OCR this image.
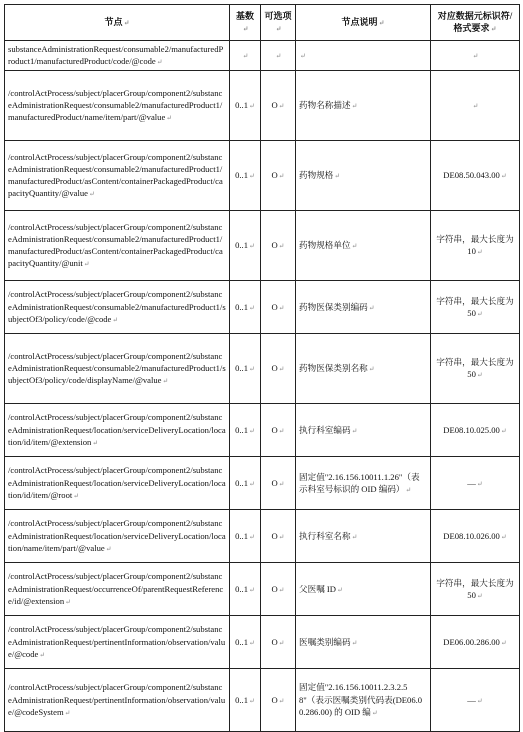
节点↵	基数↵	可选项↵	节点说明↵	对应数据元标识符/格式要求↵
substanceAdministrationRequest/consumable2/manufacturedProduct1/manufacturedProduct/code/@code↵	↵	↵	↵	↵
/controlActProcess/subject/placerGroup/component2/substanceAdministrationRequest/consumable2/manufacturedProduct1/manufacturedProduct/name/item/part/@value↵	0..1↵	O↵	药物名称描述↵	↵
/controlActProcess/subject/placerGroup/component2/substanceAdministrationRequest/consumable2/manufacturedProduct1/manufacturedProduct/asContent/containerPackagedProduct/capacityQuantity/@value↵	0..1↵	O↵	药物规格↵	DE08.50.043.00↵
/controlActProcess/subject/placerGroup/component2/substanceAdministrationRequest/consumable2/manufacturedProduct1/manufacturedProduct/asContent/containerPackagedProduct/capacityQuantity/@unit↵	0..1↵	O↵	药物规格单位↵	字符串，最大长度为 10↵
/controlActProcess/subject/placerGroup/component2/substanceAdministrationRequest/consumable2/manufacturedProduct1/subjectOf3/policy/code/@code↵	0..1↵	O↵	药物医保类别编码↵	字符串，最大长度为 50↵
/controlActProcess/subject/placerGroup/component2/substanceAdministrationRequest/consumable2/manufacturedProduct1/subjectOf3/policy/code/displayName/@value↵	0..1↵	O↵	药物医保类别名称↵	字符串，最大长度为 50↵
/controlActProcess/subject/placerGroup/component2/substanceAdministrationRequest/location/serviceDeliveryLocation/location/id/item/@extension↵	0..1↵	O↵	执行科室编码↵	DE08.10.025.00↵
/controlActProcess/subject/placerGroup/component2/substanceAdministrationRequest/location/serviceDeliveryLocation/location/id/item/@root↵	0..1↵	O↵	固定值"2.16.156.10011.1.26"（表示科室号标识的 OID 编码）↵	—↵
/controlActProcess/subject/placerGroup/component2/substanceAdministrationRequest/location/serviceDeliveryLocation/location/name/item/part/@value↵	0..1↵	O↵	执行科室名称↵	DE08.10.026.00↵
/controlActProcess/subject/placerGroup/component2/substanceAdministrationRequest/occurrenceOf/parentRequestReference/id/@extension↵	0..1↵	O↵	父医嘱 ID↵	字符串，最大长度为 50↵
/controlActProcess/subject/placerGroup/component2/substanceAdministrationRequest/pertinentInformation/observation/value/@code↵	0..1↵	O↵	医嘱类别编码↵	DE06.00.286.00↵
/controlActProcess/subject/placerGroup/component2/substanceAdministrationRequest/pertinentInformation/observation/value/@codeSystem↵	0..1↵	O↵	固定值"2.16.156.10011.2.3.2.58"（表示医嘱类别代码表(DE06.00.286.00) 的 OID 编↵	—↵
